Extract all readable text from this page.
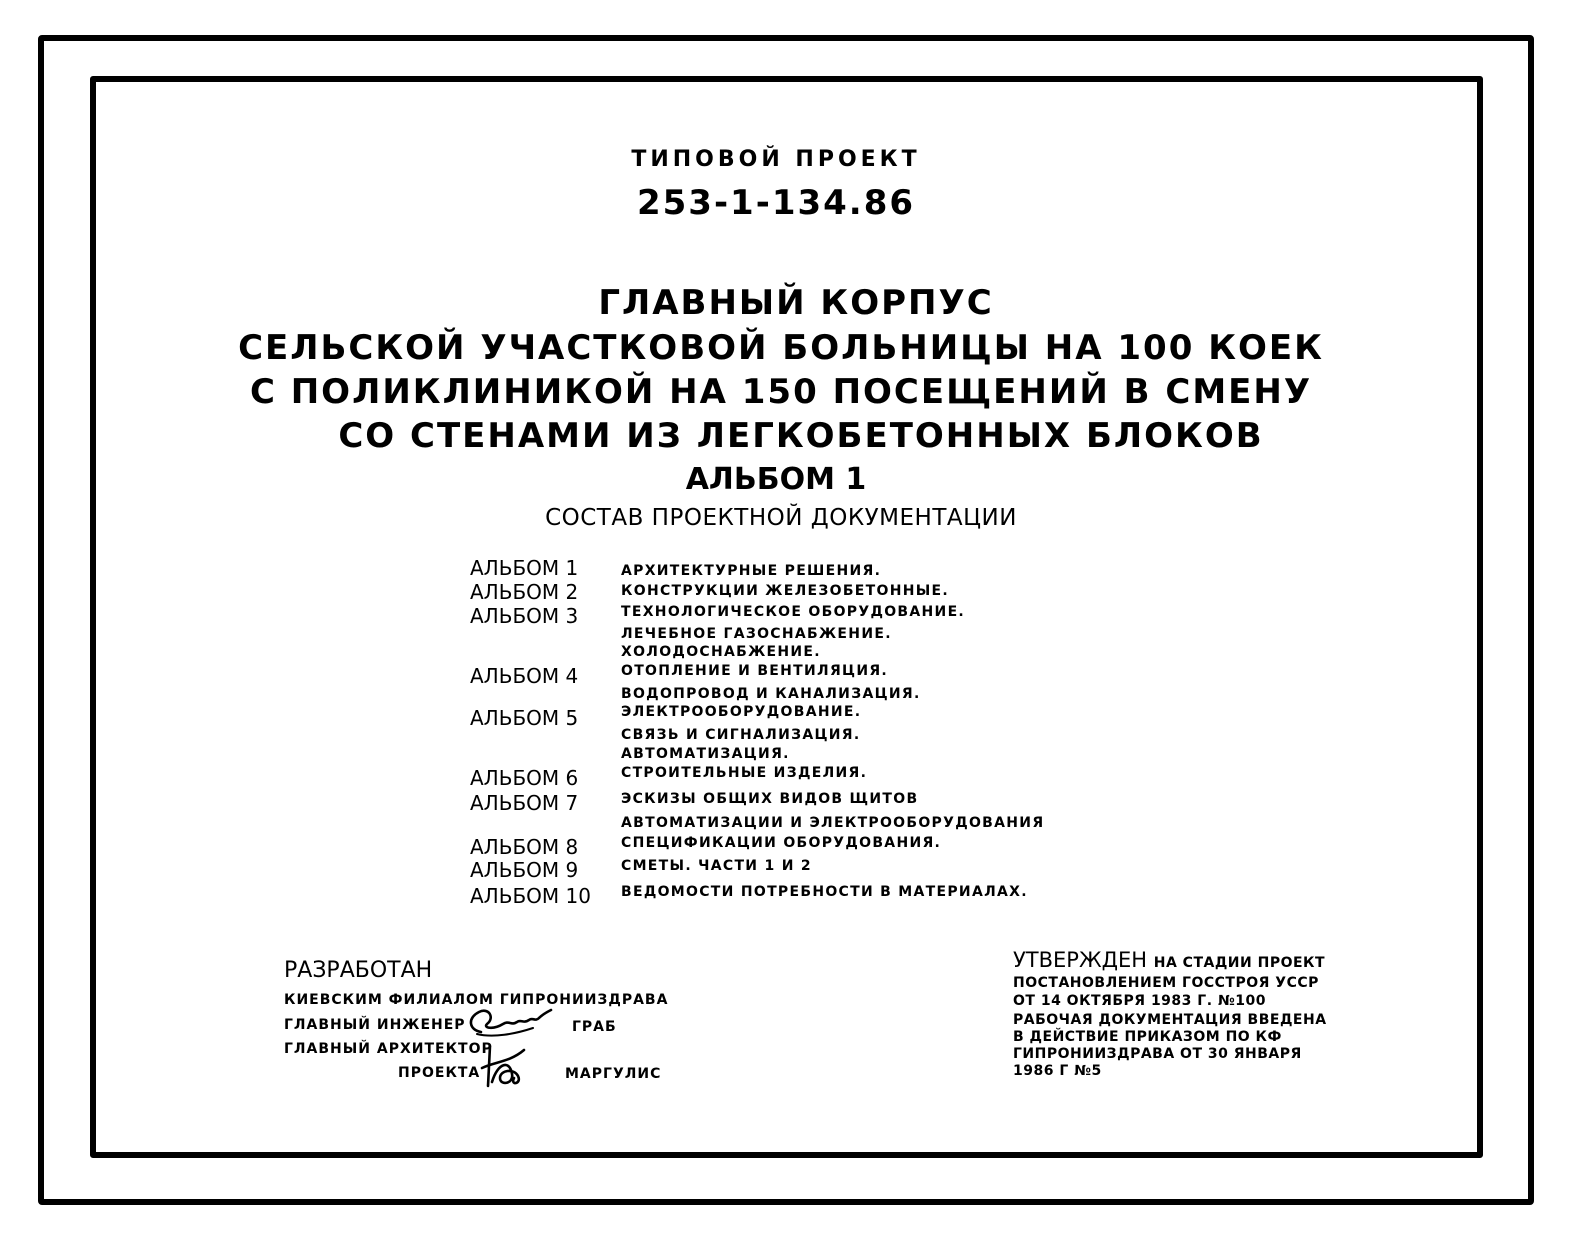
ТИПОВОЙ ПРОЕКТ
253-1-134.86
ГЛАВНЫЙ КОРПУС
СЕЛЬСКОЙ УЧАСТКОВОЙ БОЛЬНИЦЫ НА 100 КОЕК
С ПОЛИКЛИНИКОЙ НА 150 ПОСЕЩЕНИЙ В СМЕНУ
СО СТЕНАМИ ИЗ ЛЕГКОБЕТОННЫХ БЛОКОВ
АЛЬБОМ 1
СОСТАВ ПРОЕКТНОЙ ДОКУМЕНТАЦИИ
АЛЬБОМ 1	АРХИТЕКТУРНЫЕ РЕШЕНИЯ.
АЛЬБОМ 2	КОНСТРУКЦИИ ЖЕЛЕЗОБЕТОННЫЕ.
АЛЬБОМ 3	ТЕХНОЛОГИЧЕСКОЕ ОБОРУДОВАНИЕ.
ЛЕЧЕБНОЕ ГАЗОСНАБЖЕНИЕ.
ХОЛОДОСНАБЖЕНИЕ.
АЛЬБОМ 4	ОТОПЛЕНИЕ И ВЕНТИЛЯЦИЯ.
ВОДОПРОВОД И КАНАЛИЗАЦИЯ.
АЛЬБОМ 5	ЭЛЕКТРООБОРУДОВАНИЕ.
СВЯЗЬ И СИГНАЛИЗАЦИЯ.
АВТОМАТИЗАЦИЯ.
АЛЬБОМ 6	СТРОИТЕЛЬНЫЕ ИЗДЕЛИЯ.
АЛЬБОМ 7	ЭСКИЗЫ ОБЩИХ ВИДОВ ЩИТОВ
АВТОМАТИЗАЦИИ И ЭЛЕКТРООБОРУДОВАНИЯ
АЛЬБОМ 8	СПЕЦИФИКАЦИИ ОБОРУДОВАНИЯ.
АЛЬБОМ 9	СМЕТЫ. ЧАСТИ 1 И 2
АЛЬБОМ 10 ВЕДОМОСТИ ПОТРЕБНОСТИ В МАТЕРИАЛАХ.
РАЗРАБОТАН
КИЕВСКИМ ФИЛИАЛОМ ГИПРОНИИЗДРАВА
ГЛАВНЫЙ ИНЖЕНЕР	ГРАБ
ГЛАВНЫЙ АРХИТЕКТОР
ПРОЕКТА	МАРГУЛИС
УТВЕРЖДЕН НА СТАДИИ ПРОЕКТ
ПОСТАНОВЛЕНИЕМ ГОССТРОЯ УССР
ОТ 14 ОКТЯБРЯ 1983 Г. №100
РАБОЧАЯ ДОКУМЕНТАЦИЯ ВВЕДЕНА
В ДЕЙСТВИЕ ПРИКАЗОМ ПО КФ
ГИПРОНИИЗДРАВА ОТ 30 ЯНВАРЯ
1986 Г №5
